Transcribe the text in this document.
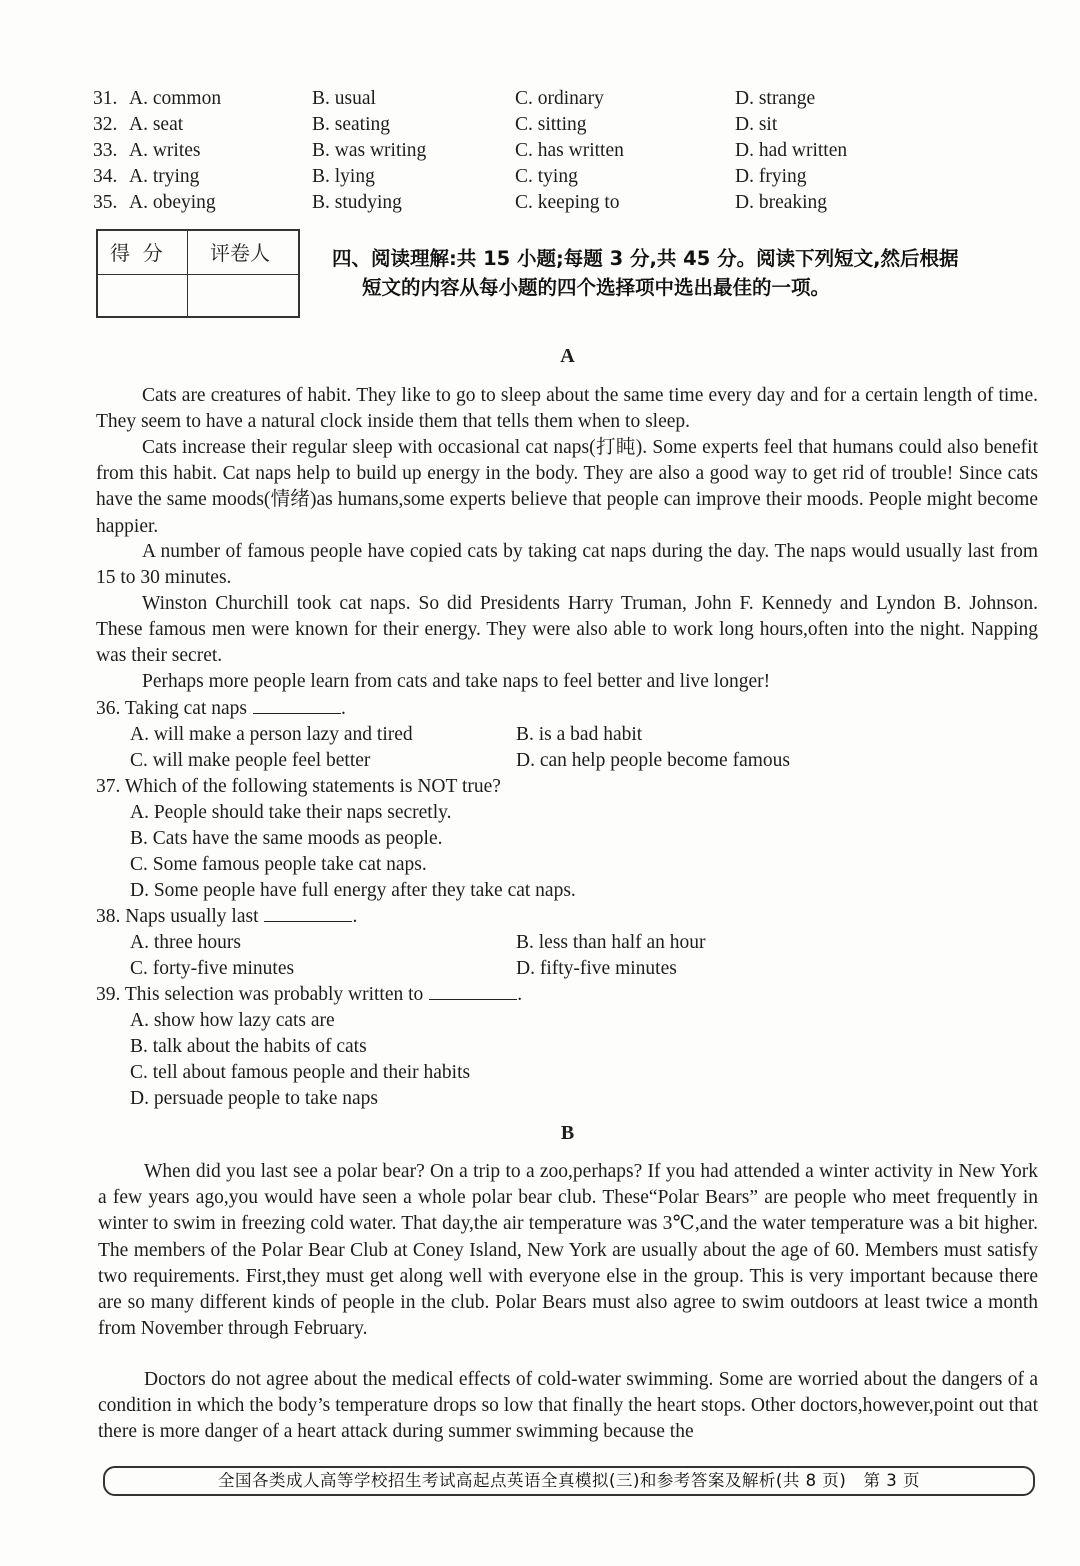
31. A. common	B. usual	C. ordinary	D. strange
32. A. seat	B. seating	C. sitting	D. sit
33. A. writes	B. was writing	C. has written	D. had written
34. A. trying	B. lying	C. tying	D. frying
35. A. obeying	B. studying	C. keeping to	D. breaking
得  分 评卷人	四、阅读理解:共 15 小题;每题 3 分,共 45 分。阅读下列短文,然后根据
短文的内容从每小题的四个选择项中选出最佳的一项。
A

Cats are creatures of habit. They like to go to sleep about the same time every day and for a certain length of time. They seem to have a natural clock inside them that tells them when to sleep.

Cats increase their regular sleep with occasional cat naps(打盹). Some experts feel that humans could also benefit from this habit. Cat naps help to build up energy in the body. They are also a good way to get rid of trouble! Since cats have the same moods(情绪)as humans,some experts believe that people can improve their moods. People might become happier.

A number of famous people have copied cats by taking cat naps during the day. The naps would usually last from 15 to 30 minutes.

Winston Churchill took cat naps. So did Presidents Harry Truman, John F. Kennedy and Lyndon B. Johnson. These famous men were known for their energy. They were also able to work long hours,often into the night. Napping was their secret.

Perhaps more people learn from cats and take naps to feel better and live longer!

36. Taking cat naps	.
A. will make a person lazy and tired	B. is a bad habit
C. will make people feel better	D. can help people become famous
37. Which of the following statements is NOT true?
A. People should take their naps secretly.
B. Cats have the same moods as people.
C. Some famous people take cat naps.
D. Some people have full energy after they take cat naps.
38. Naps usually last	.
A. three hours	B. less than half an hour
C. forty-five minutes	D. fifty-five minutes
39. This selection was probably written to	.
A. show how lazy cats are
B. talk about the habits of cats
C. tell about famous people and their habits
D. persuade people to take naps
B

When did you last see a polar bear? On a trip to a zoo,perhaps? If you had attended a winter activity in New York a few years ago,you would have seen a whole polar bear club. These“Polar Bears” are people who meet frequently in winter to swim in freezing cold water. That day,the air temperature was 3℃,and the water temperature was a bit higher. The members of the Polar Bear Club at Coney Island, New York are usually about the age of 60. Members must satisfy two requirements. First,they must get along well with everyone else in the group. This is very important because there are so many different kinds of people in the club. Polar Bears must also agree to swim outdoors at least twice a month from November through February.

Doctors do not agree about the medical effects of cold-water swimming. Some are worried about the dangers of a condition in which the body’s temperature drops so low that finally the heart stops. Other doctors,however,point out that there is more danger of a heart attack during summer swimming because the

全国各类成人高等学校招生考试高起点英语全真模拟(三)和参考答案及解析(共 8 页)   第 3 页
